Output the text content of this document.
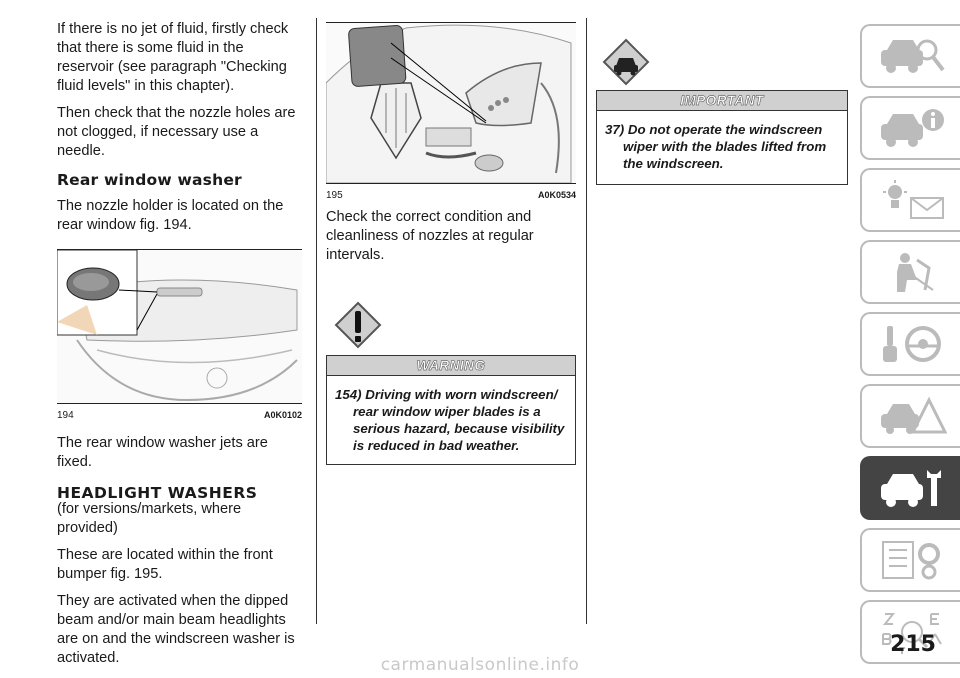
If there is no jet of fluid, firstly check that there is some fluid in the reservoir (see paragraph "Checking fluid levels" in this chapter).

Then check that the nozzle holes are not clogged, if necessary use a needle.

Rear window washer

The nozzle holder is located on the rear window fig. 194.

194	A0K0102

The rear window washer jets are fixed.

HEADLIGHT WASHERS

(for versions/markets, where provided)

These are located within the front bumper fig. 195.

They are activated when the dipped beam and/or main beam headlights are on and the windscreen washer is activated.

195	A0K0534

Check the correct condition and cleanliness of nozzles at regular intervals.

WARNING
154) Driving with worn windscreen/ rear window wiper blades is a serious hazard, because visibility is reduced in bad weather.
IMPORTANT
37) Do not operate the windscreen wiper with the blades lifted from the windscreen.
215
carmanualsonline.info
